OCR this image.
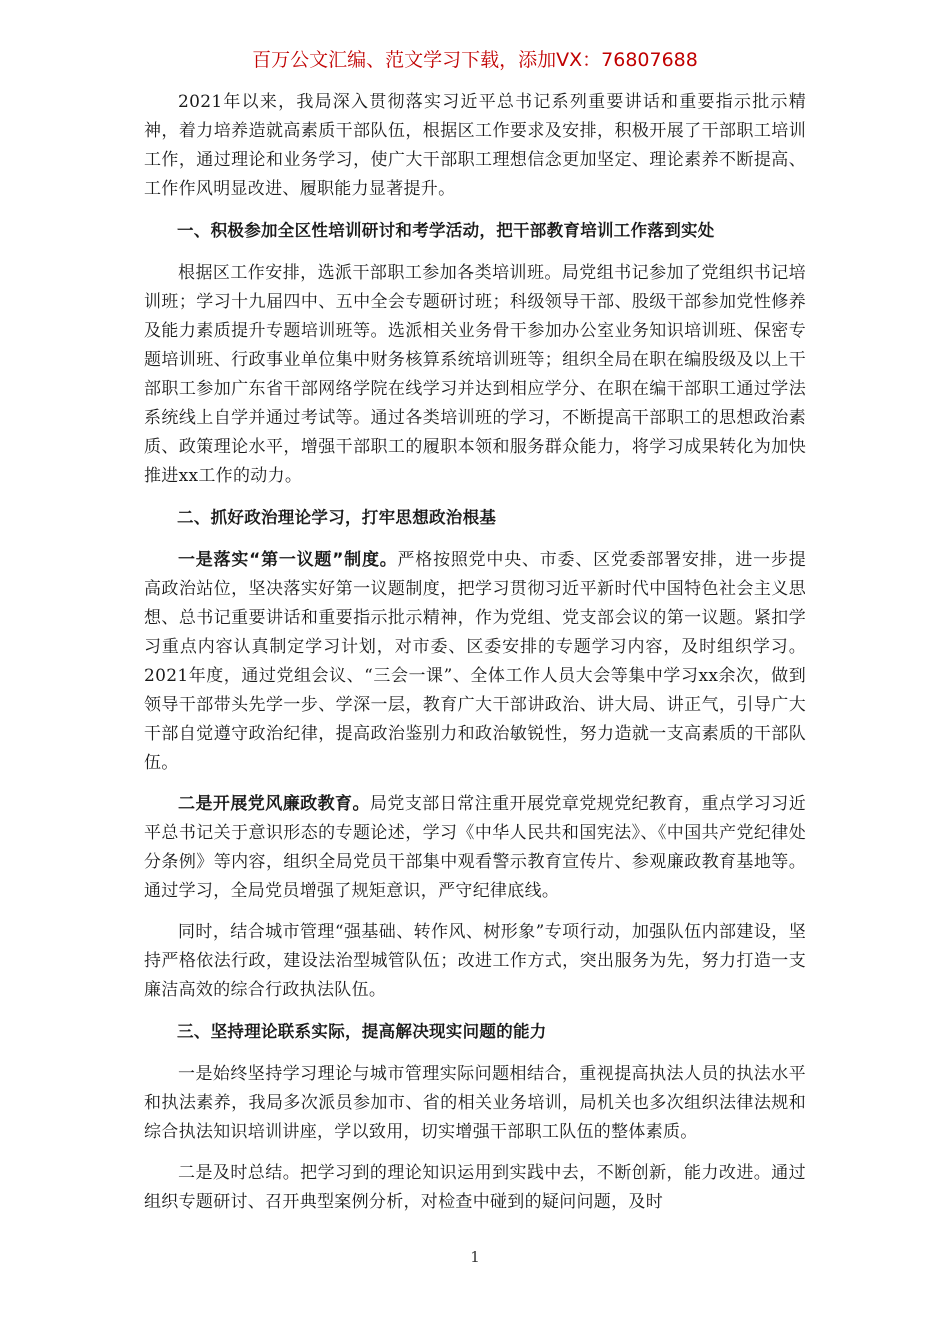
百万公文汇编、范文学习下载，添加VX：76807688

2021年以来，我局深入贯彻落实习近平总书记系列重要讲话和重要指示批示精神，着力培养造就高素质干部队伍，根据区工作要求及安排，积极开展了干部职工培训工作，通过理论和业务学习，使广大干部职工理想信念更加坚定、理论素养不断提高、工作作风明显改进、履职能力显著提升。

一、积极参加全区性培训研讨和考学活动，把干部教育培训工作落到实处

根据区工作安排，选派干部职工参加各类培训班。局党组书记参加了党组织书记培训班；学习十九届四中、五中全会专题研讨班；科级领导干部、股级干部参加党性修养及能力素质提升专题培训班等。选派相关业务骨干参加办公室业务知识培训班、保密专题培训班、行政事业单位集中财务核算系统培训班等；组织全局在职在编股级及以上干部职工参加广东省干部网络学院在线学习并达到相应学分、在职在编干部职工通过学法系统线上自学并通过考试等。通过各类培训班的学习，不断提高干部职工的思想政治素质、政策理论水平，增强干部职工的履职本领和服务群众能力，将学习成果转化为加快推进xx工作的动力。

二、抓好政治理论学习，打牢思想政治根基

一是落实“第一议题”制度。严格按照党中央、市委、区党委部署安排，进一步提高政治站位，坚决落实好第一议题制度，把学习贯彻习近平新时代中国特色社会主义思想、总书记重要讲话和重要指示批示精神，作为党组、党支部会议的第一议题。紧扣学习重点内容认真制定学习计划，对市委、区委安排的专题学习内容，及时组织学习。2021年度，通过党组会议、“三会一课”、全体工作人员大会等集中学习xx余次，做到领导干部带头先学一步、学深一层，教育广大干部讲政治、讲大局、讲正气，引导广大干部自觉遵守政治纪律，提高政治鉴别力和政治敏锐性，努力造就一支高素质的干部队伍。

二是开展党风廉政教育。局党支部日常注重开展党章党规党纪教育，重点学习习近平总书记关于意识形态的专题论述，学习《中华人民共和国宪法》、《中国共产党纪律处分条例》等内容，组织全局党员干部集中观看警示教育宣传片、参观廉政教育基地等。通过学习，全局党员增强了规矩意识，严守纪律底线。

同时，结合城市管理“强基础、转作风、树形象”专项行动，加强队伍内部建设，坚持严格依法行政，建设法治型城管队伍；改进工作方式，突出服务为先，努力打造一支廉洁高效的综合行政执法队伍。

三、坚持理论联系实际，提高解决现实问题的能力

一是始终坚持学习理论与城市管理实际问题相结合，重视提高执法人员的执法水平和执法素养，我局多次派员参加市、省的相关业务培训，局机关也多次组织法律法规和综合执法知识培训讲座，学以致用，切实增强干部职工队伍的整体素质。

二是及时总结。把学习到的理论知识运用到实践中去，不断创新，能力改进。通过组织专题研讨、召开典型案例分析，对检查中碰到的疑问问题，及时

1
